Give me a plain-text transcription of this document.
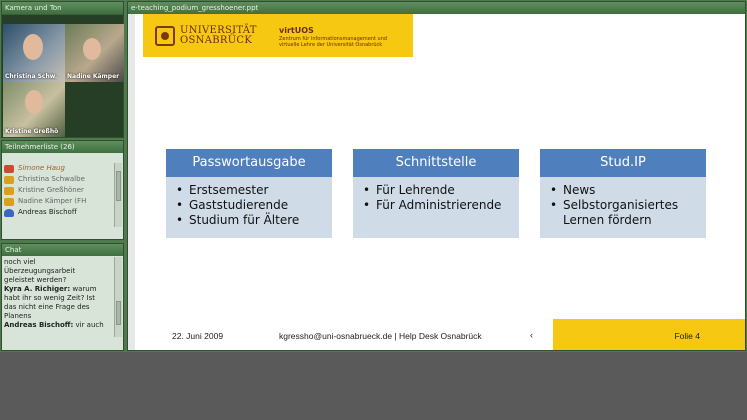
Kamera und Ton
Christina Schw. Nadine Kämper
Kristine Greßhö
Teilnehmerliste (26)
Simone Haug
Christina Schwalbe
Kristine Greßhöner
Nadine Kämper (FH
Andreas Bischoff
Chat
noch viel
Überzeugungsarbeit
geleistet werden?
Kyra A. Richiger: warum
habt ihr so wenig Zeit? Ist
das nicht eine Frage des
Planens
Andreas Bischoff: vir auch
e-teaching_podium_gresshoener.ppt
UNIVERSITÄT
OSNABRÜCK
virtUOS
Zentrum für Informationsmanagement und virtuelle Lehre der Universität Osnabrück
Passwortausgabe
• Erstsemester
• Gaststudierende
• Studium für Ältere
Schnittstelle
• Für Lehrende
• Für Administrierende
Stud.IP
• News
• Selbstorganisiertes Lernen fördern
22. Juni 2009	kgressho@uni-osnabrueck.de | Help Desk Osnabrück	‹	Folie 4
